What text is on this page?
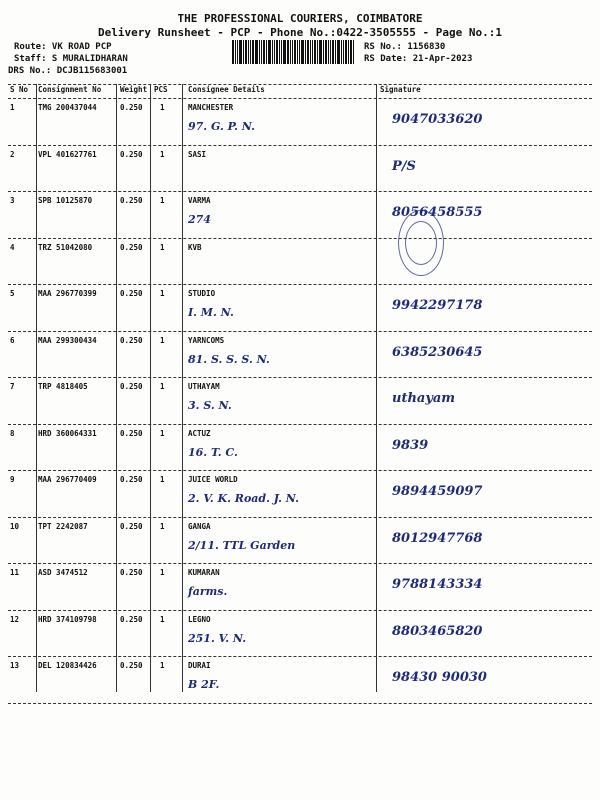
THE PROFESSIONAL COURIERS, COIMBATORE
Delivery Runsheet - PCP - Phone No.:0422-3505555 - Page No.:1
Route: VK ROAD PCP
Staff: S MURALIDHARAN
DRS No.: DCJB115683001
RS No.: 1156830
RS Date: 21-Apr-2023
S No Consignment No	Weight PCS	Consignee Details	Signature
1	TMG 200437044	0.250 1	MANCHESTER
97. G. P. N.	9047033620
2	VPL 401627761	0.250 1	SASI
P/S
3	SPB 10125870	0.250 1	VARMA
274	8056458555
4	TRZ 51042080	0.250 1	KVB
5	MAA 296770399	0.250 1	STUDIO
I. M. N.	9942297178
6	MAA 299300434	0.250 1	YARNCOMS
81. S. S. S. N.	6385230645
7	TRP 4818405	0.250 1	UTHAYAM
3. S. N.	uthayam
8	HRD 360064331	0.250 1	ACTUZ
16. T. C.	9839
9	MAA 296770409	0.250 1	JUICE WORLD
2. V. K. Road. J. N.	9894459097
10	TPT 2242087	0.250 1	GANGA
2/11. TTL Garden	8012947768
11	ASD 3474512	0.250 1	KUMARAN
farms.	9788143334
12	HRD 374109798	0.250 1	LEGNO
251. V. N.	8803465820
13	DEL 120834426	0.250 1	DURAI
B 2F.	98430 90030
